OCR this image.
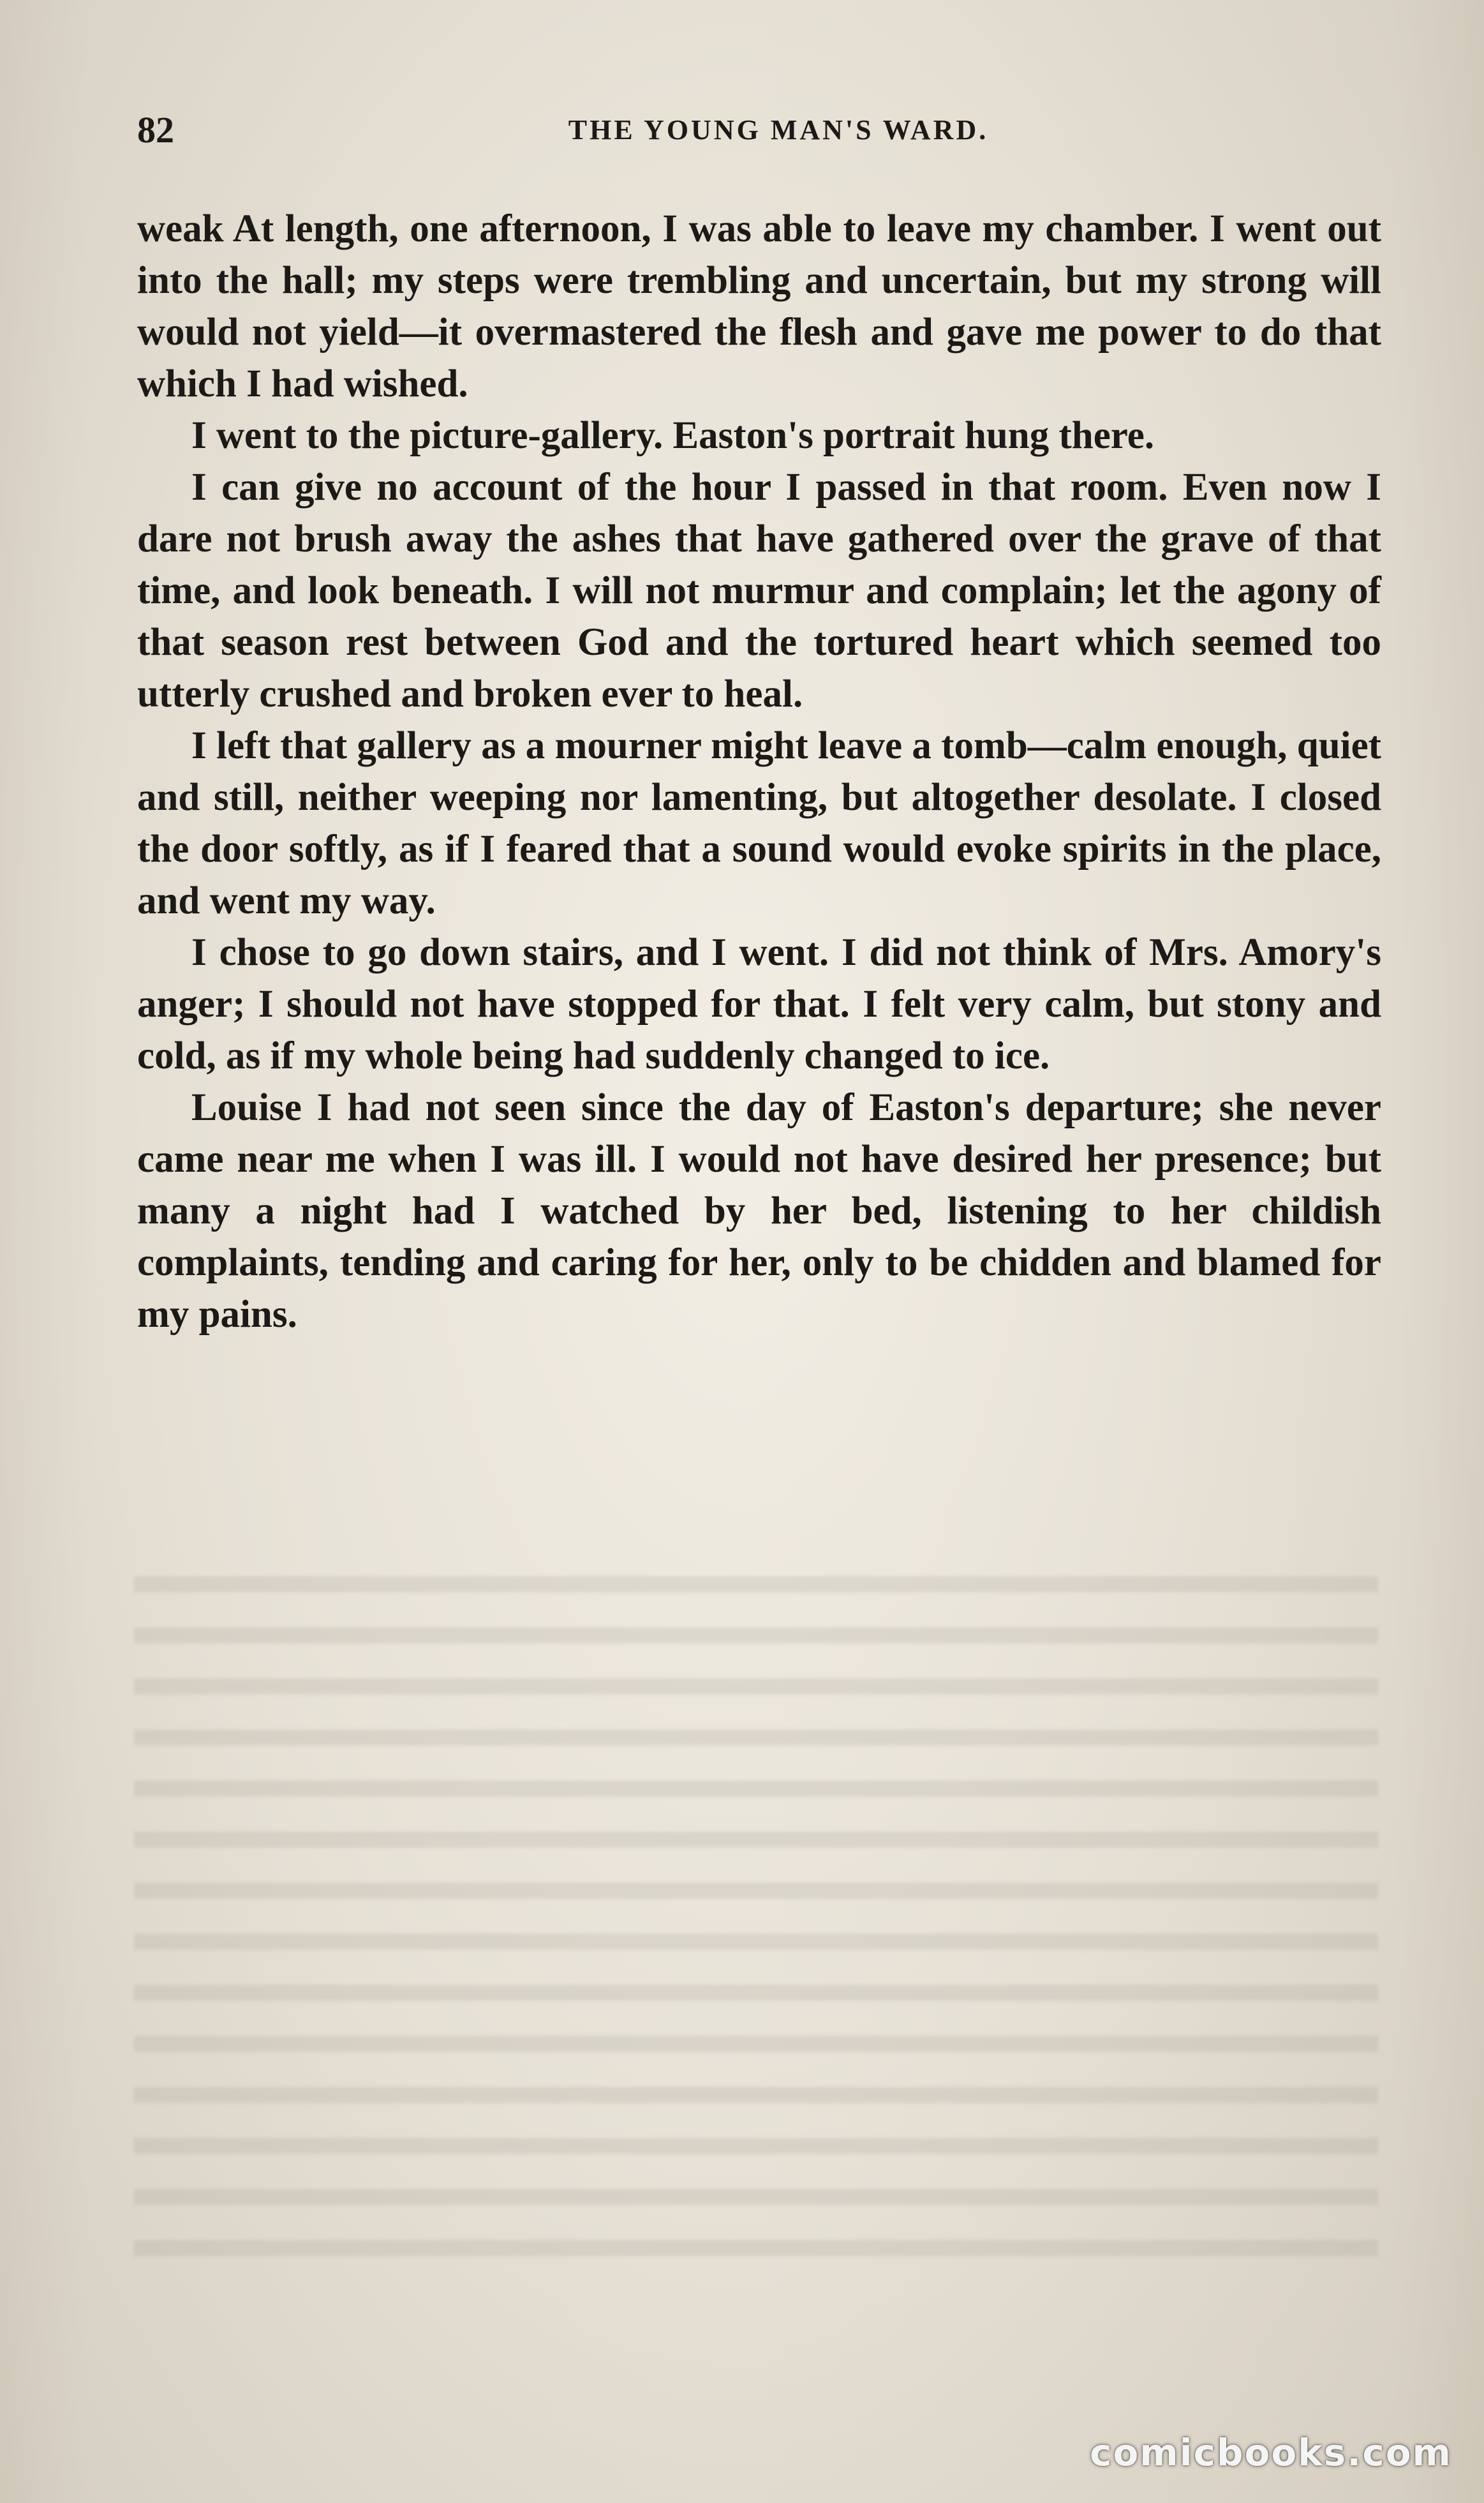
82	THE YOUNG MAN'S WARD.

weak At length, one afternoon, I was able to leave my chamber. I went out into the hall; my steps were trembling and uncertain, but my strong will would not yield—it overmastered the flesh and gave me power to do that which I had wished.

I went to the picture-gallery. Easton's portrait hung there.

I can give no account of the hour I passed in that room. Even now I dare not brush away the ashes that have gathered over the grave of that time, and look beneath. I will not murmur and complain; let the agony of that season rest between God and the tortured heart which seemed too utterly crushed and broken ever to heal.

I left that gallery as a mourner might leave a tomb—calm enough, quiet and still, neither weeping nor lamenting, but altogether desolate. I closed the door softly, as if I feared that a sound would evoke spirits in the place, and went my way.

I chose to go down stairs, and I went. I did not think of Mrs. Amory's anger; I should not have stopped for that. I felt very calm, but stony and cold, as if my whole being had suddenly changed to ice.

Louise I had not seen since the day of Easton's departure; she never came near me when I was ill. I would not have desired her presence; but many a night had I watched by her bed, listening to her childish complaints, tending and caring for her, only to be chidden and blamed for my pains.

comicbooks.com
